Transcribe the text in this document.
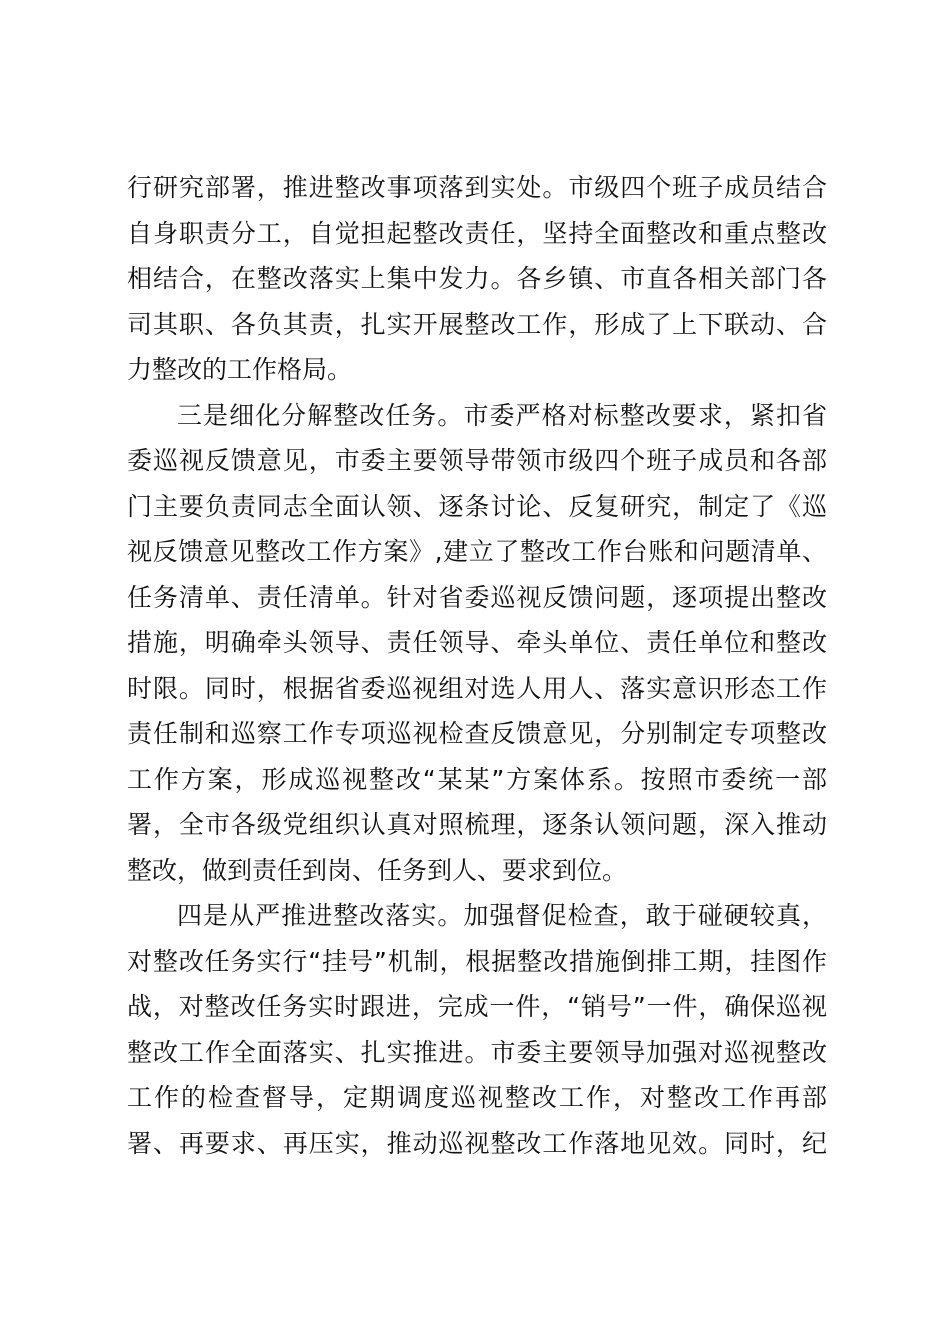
行研究部署，推进整改事项落到实处。市级四个班子成员结合
自身职责分工，自觉担起整改责任，坚持全面整改和重点整改
相结合，在整改落实上集中发力。各乡镇、市直各相关部门各
司其职、各负其责，扎实开展整改工作，形成了上下联动、合
力整改的工作格局。
三是细化分解整改任务。市委严格对标整改要求，紧扣省
委巡视反馈意见，市委主要领导带领市级四个班子成员和各部
门主要负责同志全面认领、逐条讨论、反复研究，制定了《巡
视反馈意见整改工作方案》,建立了整改工作台账和问题清单、
任务清单、责任清单。针对省委巡视反馈问题，逐项提出整改
措施，明确牵头领导、责任领导、牵头单位、责任单位和整改
时限。同时，根据省委巡视组对选人用人、落实意识形态工作
责任制和巡察工作专项巡视检查反馈意见，分别制定专项整改
工作方案，形成巡视整改“某某”方案体系。按照市委统一部
署，全市各级党组织认真对照梳理，逐条认领问题，深入推动
整改，做到责任到岗、任务到人、要求到位。
四是从严推进整改落实。加强督促检查，敢于碰硬较真，
对整改任务实行“挂号”机制，根据整改措施倒排工期，挂图作
战，对整改任务实时跟进，完成一件，“销号”一件，确保巡视
整改工作全面落实、扎实推进。市委主要领导加强对巡视整改
工作的检查督导，定期调度巡视整改工作，对整改工作再部
署、再要求、再压实，推动巡视整改工作落地见效。同时，纪
